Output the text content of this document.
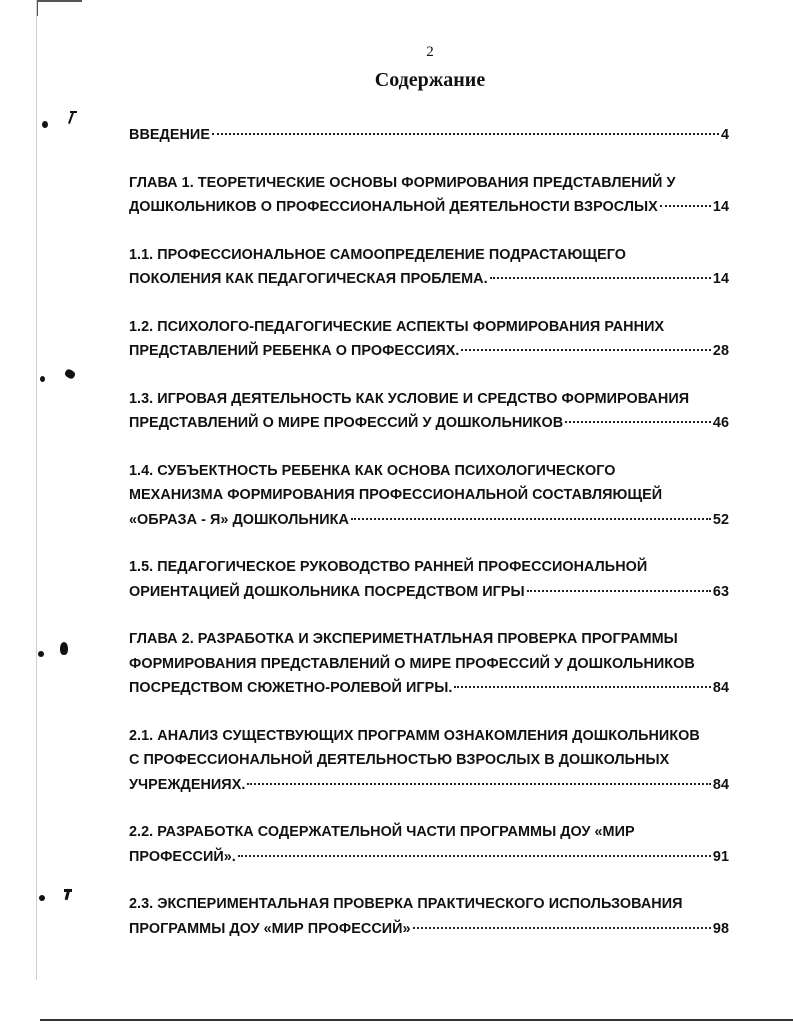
2
Содержание
ВВЕДЕНИЕ	4
ГЛАВА 1. ТЕОРЕТИЧЕСКИЕ ОСНОВЫ ФОРМИРОВАНИЯ ПРЕДСТАВЛЕНИЙ У
ДОШКОЛЬНИКОВ О ПРОФЕССИОНАЛЬНОЙ ДЕЯТЕЛЬНОСТИ ВЗРОСЛЫХ	14
1.1. ПРОФЕССИОНАЛЬНОЕ САМООПРЕДЕЛЕНИЕ ПОДРАСТАЮЩЕГО
ПОКОЛЕНИЯ КАК ПЕДАГОГИЧЕСКАЯ ПРОБЛЕМА.	14
1.2. ПСИХОЛОГО-ПЕДАГОГИЧЕСКИЕ АСПЕКТЫ ФОРМИРОВАНИЯ РАННИХ
ПРЕДСТАВЛЕНИЙ РЕБЕНКА О ПРОФЕССИЯХ.	28
1.3. ИГРОВАЯ ДЕЯТЕЛЬНОСТЬ КАК УСЛОВИЕ И СРЕДСТВО ФОРМИРОВАНИЯ
ПРЕДСТАВЛЕНИЙ О МИРЕ ПРОФЕССИЙ У ДОШКОЛЬНИКОВ	46
1.4. СУБЪЕКТНОСТЬ РЕБЕНКА КАК ОСНОВА ПСИХОЛОГИЧЕСКОГО
МЕХАНИЗМА ФОРМИРОВАНИЯ ПРОФЕССИОНАЛЬНОЙ СОСТАВЛЯЮЩЕЙ
«ОБРАЗА - Я» ДОШКОЛЬНИКА	52
1.5. ПЕДАГОГИЧЕСКОЕ РУКОВОДСТВО РАННЕЙ ПРОФЕССИОНАЛЬНОЙ
ОРИЕНТАЦИЕЙ ДОШКОЛЬНИКА ПОСРЕДСТВОМ ИГРЫ	63
ГЛАВА 2. РАЗРАБОТКА И ЭКСПЕРИМЕТНАТЛЬНАЯ ПРОВЕРКА ПРОГРАММЫ
ФОРМИРОВАНИЯ ПРЕДСТАВЛЕНИЙ О МИРЕ ПРОФЕССИЙ У ДОШКОЛЬНИКОВ
ПОСРЕДСТВОМ СЮЖЕТНО-РОЛЕВОЙ ИГРЫ.	84
2.1. АНАЛИЗ СУЩЕСТВУЮЩИХ ПРОГРАММ ОЗНАКОМЛЕНИЯ ДОШКОЛЬНИКОВ
С ПРОФЕССИОНАЛЬНОЙ ДЕЯТЕЛЬНОСТЬЮ ВЗРОСЛЫХ В ДОШКОЛЬНЫХ
УЧРЕЖДЕНИЯХ.	84
2.2. РАЗРАБОТКА СОДЕРЖАТЕЛЬНОЙ ЧАСТИ ПРОГРАММЫ ДОУ «МИР
ПРОФЕССИЙ».	91
2.3. ЭКСПЕРИМЕНТАЛЬНАЯ ПРОВЕРКА ПРАКТИЧЕСКОГО ИСПОЛЬЗОВАНИЯ
ПРОГРАММЫ ДОУ «МИР ПРОФЕССИЙ»	98
